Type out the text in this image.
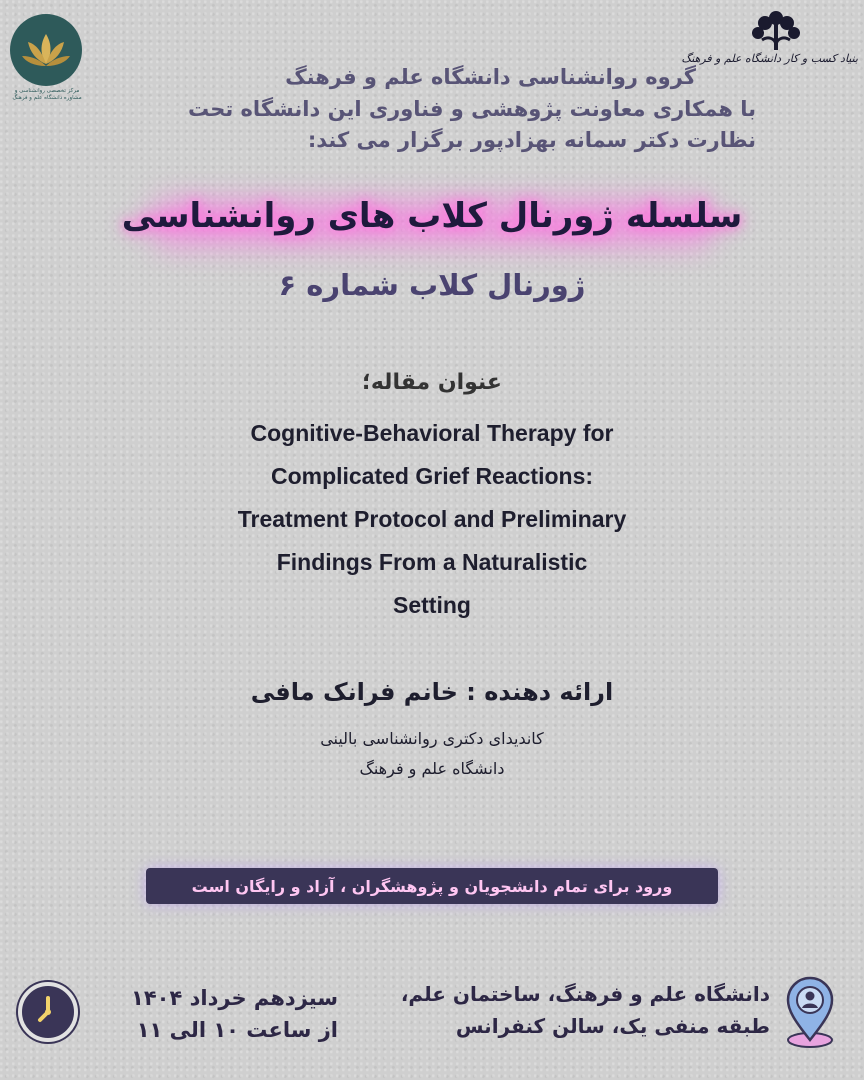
مرکز تخصصی روانشناسی و مشاوره دانشگاه علم و فرهنگ
بنیاد کسب و کار دانشگاه علم و فرهنگ
گروه روانشناسی دانشگاه علم و فرهنگ
با همکاری معاونت پژوهشی و فناوری این دانشگاه تحت
نظارت دکتر سمانه بهزادپور برگزار می کند:
سلسله ژورنال کلاب های روانشناسی
ژورنال کلاب شماره ۶
عنوان مقاله؛
Cognitive-Behavioral Therapy for
Complicated Grief Reactions:
Treatment Protocol and Preliminary
Findings From a Naturalistic
Setting
ارائه دهنده : خانم فرانک مافی
کاندیدای دکتری روانشناسی بالینی
دانشگاه علم و فرهنگ
ورود برای تمام دانشجویان و پژوهشگران ، آزاد و رایگان است
سیزدهم خرداد ۱۴۰۴
از ساعت ۱۰ الی ۱۱
دانشگاه علم و فرهنگ، ساختمان علم،
طبقه منفی یک، سالن کنفرانس
